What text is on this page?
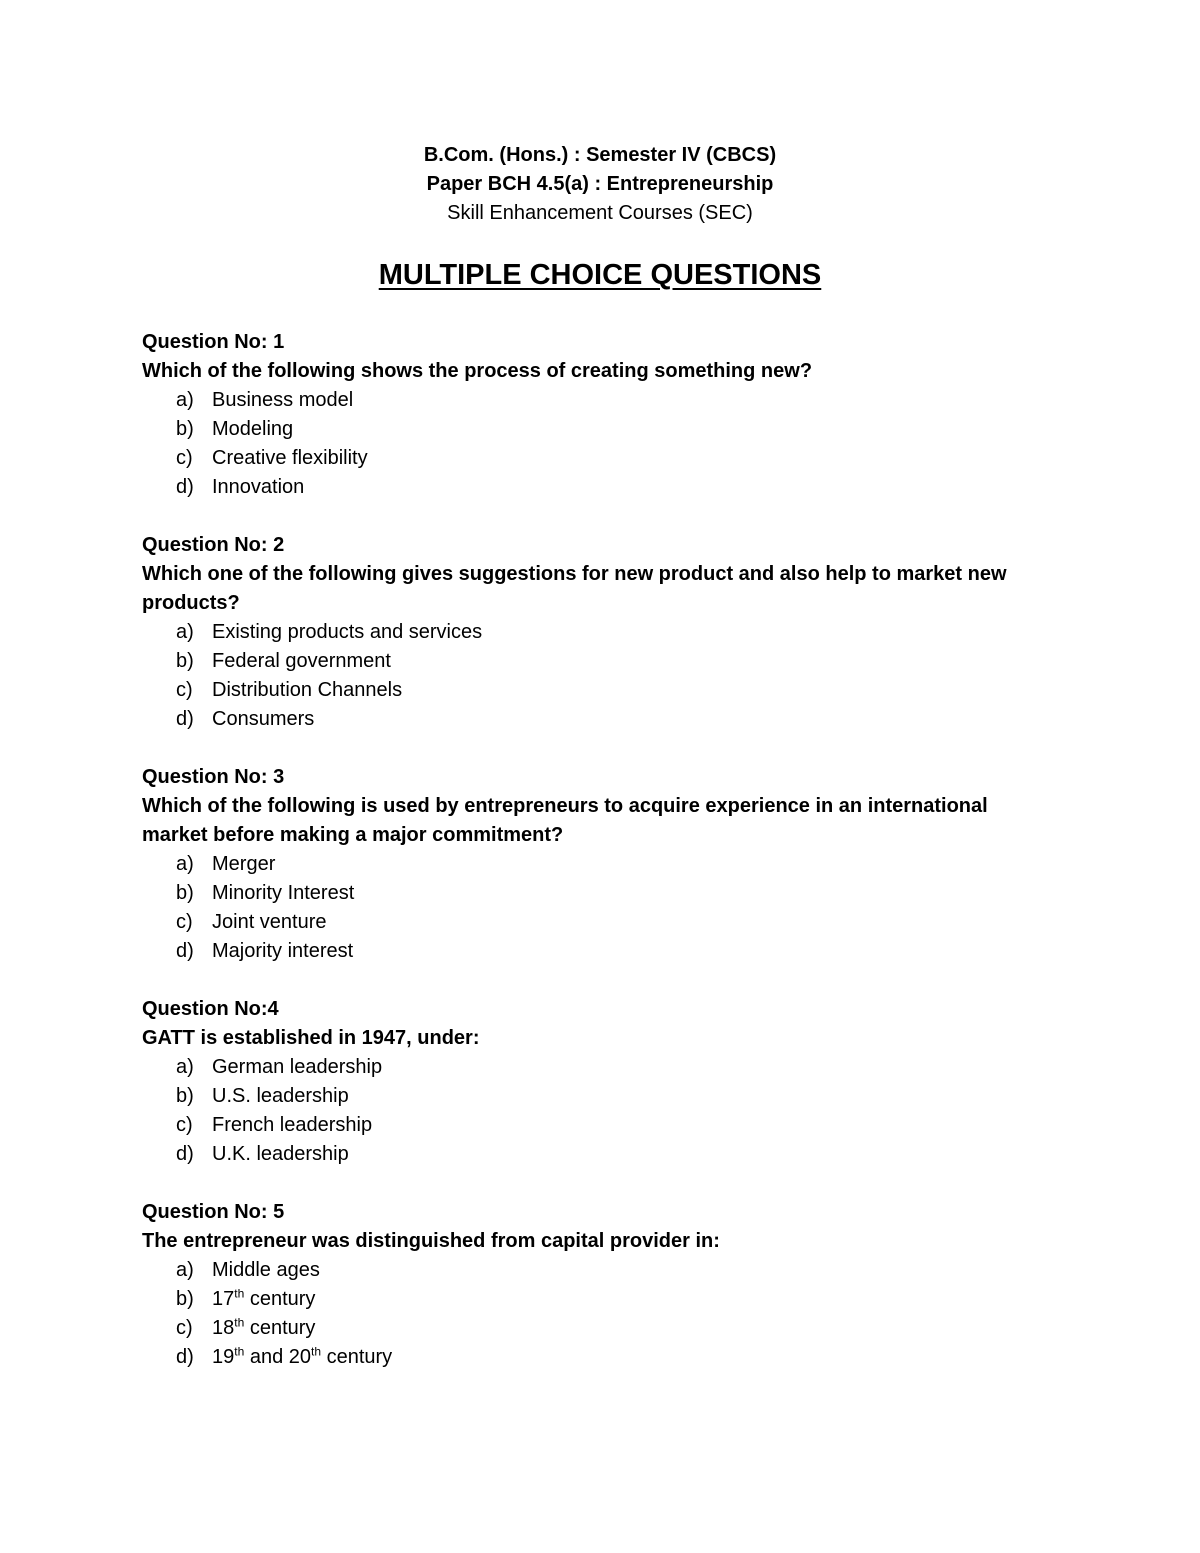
B.Com. (Hons.) : Semester IV (CBCS)
Paper BCH 4.5(a) : Entrepreneurship
Skill Enhancement Courses (SEC)
MULTIPLE CHOICE QUESTIONS
Question No: 1
Which of the following shows the process of creating something new?
a) Business model
b) Modeling
c) Creative flexibility
d) Innovation
Question No: 2
Which one of the following gives suggestions for new product and also help to market new products?
a) Existing products and services
b) Federal government
c) Distribution Channels
d) Consumers
Question No: 3
Which of the following is used by entrepreneurs to acquire experience in an international market before making a major commitment?
a) Merger
b) Minority Interest
c) Joint venture
d) Majority interest
Question No:4
GATT is established in 1947, under:
a) German leadership
b) U.S. leadership
c) French leadership
d) U.K. leadership
Question No: 5
The entrepreneur was distinguished from capital provider in:
a) Middle ages
b) 17th century
c) 18th century
d) 19th and 20th century
